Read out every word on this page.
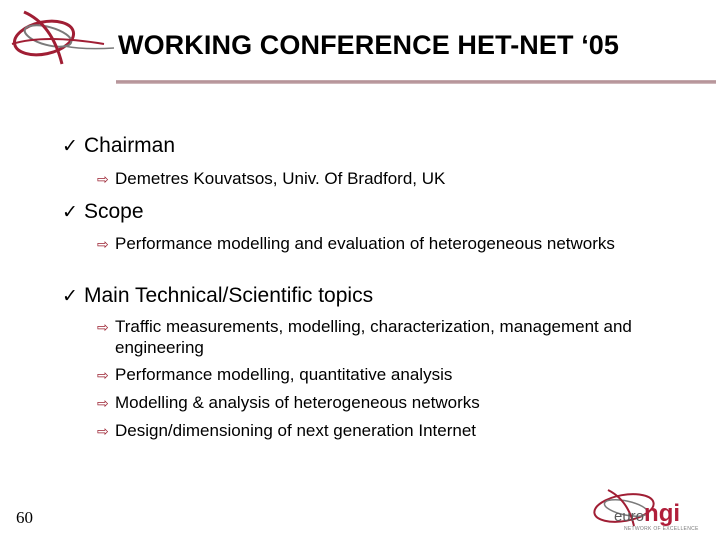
WORKING CONFERENCE HET-NET ‘05
✓ Chairman
⇨ Demetres Kouvatsos, Univ. Of Bradford, UK
✓ Scope
⇨ Performance modelling and evaluation of heterogeneous networks
✓ Main Technical/Scientific topics
⇨ Traffic measurements, modelling, characterization, management and engineering
⇨ Performance modelling, quantitative analysis
⇨ Modelling & analysis of heterogeneous networks
⇨ Design/dimensioning of next generation Internet
60	eurongi
NETWORK OF EXCELLENCE
